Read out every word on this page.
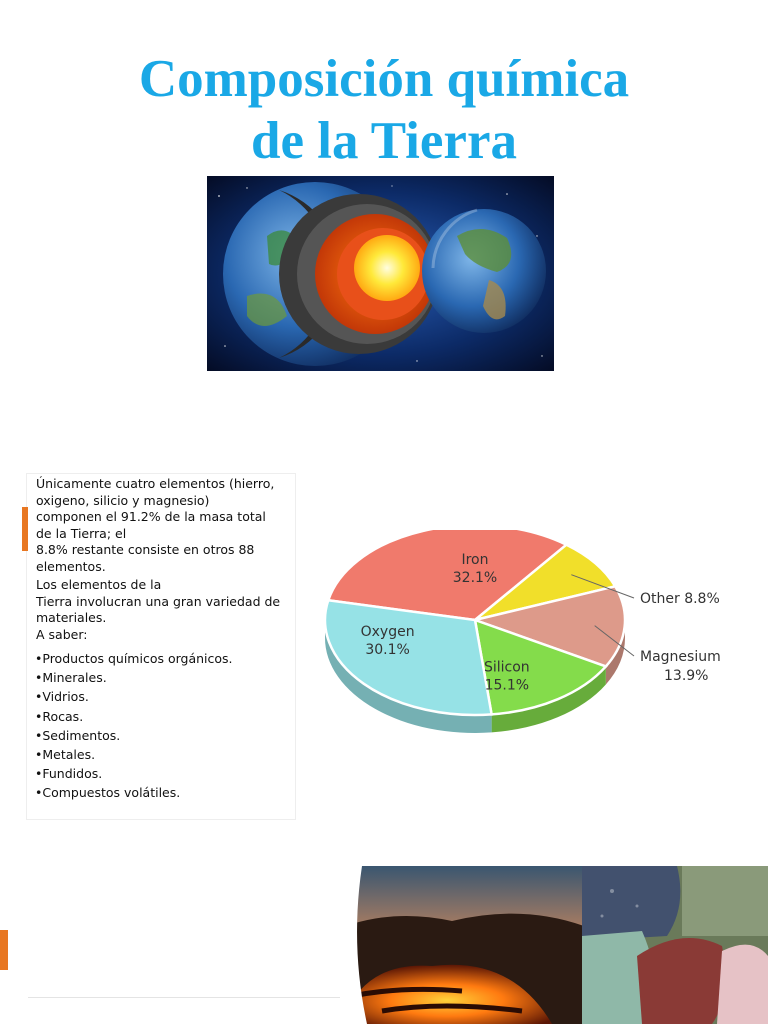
Composición química
de la Tierra

Únicamente cuatro elementos (hierro,
oxigeno, silicio y magnesio)
componen el 91.2% de la masa total
de la Tierra; el
8.8% restante consiste en otros 88
elementos.

Los elementos de la
Tierra involucran una gran variedad de
materiales.
A saber:

•Productos químicos orgánicos.
•Minerales.
•Vidrios.
•Rocas.
•Sedimentos.
•Metales.
•Fundidos.
•Compuestos volátiles.
Iron
32.1%
Silicon
15.1%
Oxygen
30.1%
Other 8.8%
Magnesium
13.9%
